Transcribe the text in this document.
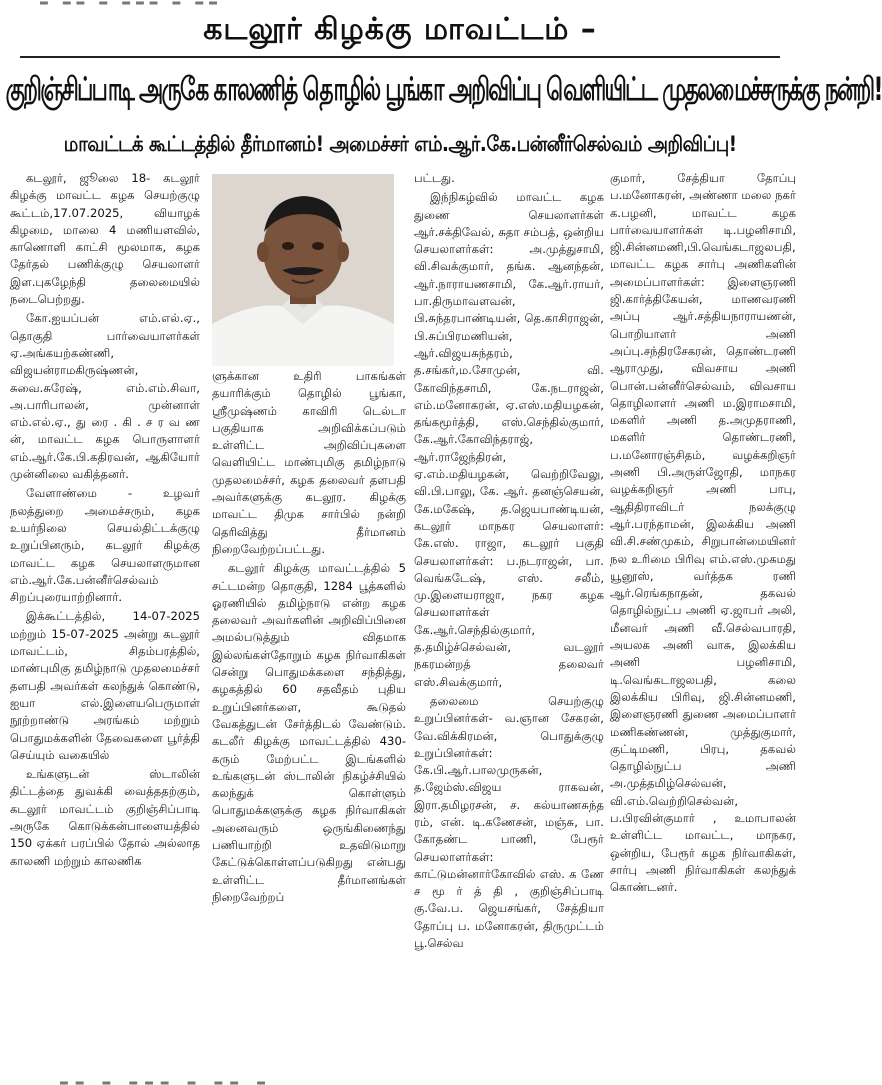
கடலூர் கிழக்கு மாவட்டம் –
குறிஞ்சிப்பாடி அருகே காலணித் தொழில் பூங்கா அறிவிப்பு வெளியிட்ட முதலமைச்சருக்கு நன்றி!
மாவட்டக் கூட்டத்தில் தீர்மானம்! அமைச்சர் எம்.ஆர்.கே.பன்னீர்செல்வம் அறிவிப்பு!

கடலூர், ஜூலை 18- கடலூர் கிழக்கு மாவட்ட கழக செயற்குழு கூட்டம்,17.07.2025, வியாழக் கிழமை, மாலை 4 மணியளவில், காணொளி காட்சி மூலமாக, கழக தேர்தல் பணிக்குழு செயலாளர் இள.புகழேந்தி தலைமையில் நடைபெற்றது.

கோ.ஐயப்பன் எம்.எல்.ஏ., தொகுதி பார்வையாளர்கள் ஏ.அங்கயற்கண்ணி, விஜயன்ராமகிருஷ்ணன், சுவை.சுரேஷ், எம்.எம்.சிவா, அ.பாரிபாலன், முன்னாள் எம்.எல்.ஏ., து ரை . கி . ச ர வ ண ன், மாவட்ட கழக பொருளாளர் எம்.ஆர்.கே.பி.கதிரவன், ஆகியோர் முன்னிலை வகித்தனர்.

வேளாண்மை - உழவர் நலத்துறை அமைச்சரும், கழக உயர்நிலை செயல்திட்டக்குழு உறுப்பினரும், கடலூர் கிழக்கு மாவட்ட கழக செயலாளருமான எம்.ஆர்.கே.பன்னீர்செல்வம் சிறப்புரையாற்றினார்.

இக்கூட்டத்தில், 14-07-2025 மற்றும் 15-07-2025 அன்று கடலூர் மாவட்டம், சிதம்பரத்தில், மாண்புமிகு தமிழ்நாடு முதலமைச்சர் தளபதி அவர்கள் கலந்துக் கொண்டு, ஐயா எல்.இளையபெருமாள் நூற்றாண்டு அரங்கம் மற்றும் பொதுமக்களின் தேவைகளை பூர்த்தி செய்யும் வகையில்

உங்களுடன் ஸ்டாலின் திட்டத்தை துவக்கி வைத்ததற்கும், கடலூர் மாவட்டம் குறிஞ்சிப்பாடி அருகே கொடுக்கன்பாளையத்தில் 150 ஏக்கர் பரப்பில் தோல் அல்லாத காலணி மற்றும் காலணிக

ளுக்கான உதிரி பாகங்கள் தயாரிக்கும் தொழில் பூங்கா, ஸ்ரீமுஷ்ணம் காவிரி டெல்டா பகுதியாக அறிவிக்கப்படும் உள்ளிட்ட அறிவிப்புகளை வெளியிட்ட மாண்புமிகு தமிழ்நாடு முதலமைச்சர், கழக தலைவர் தளபதி அவர்களுக்கு கடலூர. கிழக்கு மாவட்ட திமுக சார்பில் நன்றி தெரிவித்து தீர்மானம் நிறைவேற்றப்பட்டது.

கடலூர் கிழக்கு மாவட்டத்தில் 5 சட்டமன்ற தொகுதி, 1284 பூத்களில் ஓரணியில் தமிழ்நாடு என்ற கழக தலைவர் அவர்களின் அறிவிப்பினை அமல்படுத்தும் விதமாக இல்லங்கள்தோறும் கழக நிர்வாகிகள் சென்று பொதுமக்களை சந்தித்து, கழகத்தில் 60 சதவீதம் புதிய உறுப்பினர்களை, கூடுதல் வேகத்துடன் சேர்த்திடல் வேண்டும். கடலீர் கிழக்கு மாவட்டத்தில் 430-கரும் மேற்பட்ட இடங்களில் உங்களுடன் ஸ்டாலின் நிகழ்ச்சியில் கலந்துக் கொள்ளும் பொதுமக்களுக்கு கழக நிர்வாகிகள் அனைவரும் ஒருங்கிணைந்து பணியாற்றி உதவிடுமாறு கேட்டுக்கொள்ளப்படுகிறது என்பது உள்ளிட்ட தீர்மானங்கள் நிறைவேற்றப்

பட்டது.

இந்நிகழ்வில் மாவட்ட கழக துணை செயலாளர்கள் ஆர்.சக்திவேல், சுதா சம்பத், ஒன்றிய செயலாளர்கள்: அ.முத்துசாமி, வி.சிவக்குமார், தங்க. ஆனந்தன், ஆர்.நாராயணசாமி, கே.ஆர்.ராயர், பா.திருமாவளவன், பி.சுந்தரபாண்டியன், தெ.காசிராஜன், பி.சுப்பிரமணியன், ஆர்.விஜயசுந்தரம், த.சங்கர்,ம.சோமுன், வி. கோவிந்தசாமி, கே.நடராஜன், எம்.மனோகரன், ஏ.எஸ்.மதியழகன், தங்கமூர்த்தி, எஸ்.செந்தில்குமார், கே.ஆர்.கோவிந்தராஜ், ஆர்.ராஜேந்திரன், ஏ.எம்.மதியழகன், வெற்றிவேலு, வி.பி.பாலு, கே. ஆர். தனஞ்செயன், கே.மகேஷ், த.ஜெயபாண்டியன், கடலூர் மாநகர செயலாளர்: கே.எஸ். ராஜா, கடலூர் பகுதி செயலாளர்கள்: ப.நடராஜன், பா. வெங்கடேஷ், எஸ். சலீம், மு.இளையராஜா, நகர கழக செயலாளர்கள் கே.ஆர்.செந்தில்குமார், த.தமிழ்ச்செல்வன், வடலூர் நகரமன்றத் தலைவர் எஸ்.சிவக்குமார்,

தலைமை செயற்குழு உறுப்பினர்கள்- வ.ஞான சேகரன், வே.விக்கிரமன், பொதுக்குழு உறுப்பினர்கள்: கே.பி.ஆர்.பாலமுருகன், த.ஜேம்ஸ்.விஜய ராகவன், இரா.தமிழரசன், ச. கல்யாணசுந்த ரம், என். டி.கணேசன், மஞ்சு, பா. கோதண்ட பாணி, பேரூர் செயலாளர்கள்: காட்டுமன்னார்கோவில் எஸ். க ணே ச மூ ர் த் தி , குறிஞ்சிப்பாடி கு.வே.ப. ஜெயசங்கர், சேத்தியா தோப்பு ப. மனோகரன், திருமுட்டம் பூ.செல்வ

குமார், சேத்தியா தோப்பு ப.மனோகரன், அண்ணா மலை நகர் க.பழனி, மாவட்ட கழக பார்வையாளர்கள் டி.பழனிசாமி, ஜி.சின்னமணி,பி.வெங்கடாஜலபதி, மாவட்ட கழக சார்பு அணிகளின் அமைப்பாளர்கள்: இளைஞரணி ஜி.கார்த்திகேயன், மாணவரணி அப்பு ஆர்.சத்தியநாராயணன், பொறியாளர் அணி அப்பு.சந்திரசேகரன், தொண்டரணி ஆராமுது, விவசாய அணி பொன்.பன்னீர்செல்வம், விவசாய தொழிலாளர் அணி ம.இராமசாமி, மகளிர் அணி த.அமுதராணி, மகளிர் தொண்டரணி, ப.மனோரஞ்சிதம், வழக்கறிஞர் அணி பி.அருள்ஜோதி, மாநகர வழக்கறிஞர் அணி பாபு, ஆதிதிராவிடர் நலக்குழு ஆர்.பரந்தாமன், இலக்கிய அணி வி.சி.சண்முகம், சிறுபான்மையினர் நல உரிமை பிரிவு எம்.எஸ்.முகமது யூனூஸ், வர்த்தக ரணி ஆர்.ரெங்கநாதன், தகவல் தொழில்நுட்ப அணி ஏ.ஜாபர் அலி, மீனவர் அணி வீ.செல்வபாரதி, அயலக அணி வாசு, இலக்கிய அணி பழனிசாமி, டி.வெங்கடாஜலபதி, கலை இலக்கிய பிரிவு, ஜி.சின்னமணி, இளைஞரணி துணை அமைப்பாளர் மணிகண்ணன், முத்துகுமார், குட்டிமணி, பிரபு, தகவல் தொழில்நுட்ப அணி அ.முத்தமிழ்செல்வன், வி.எம்.வெற்றிசெல்வன், ப.பிரவின்குமார் , உமாபாலன் உள்ளிட்ட மாவட்ட, மாநகர, ஒன்றிய, பேரூர் கழக நிர்வாகிகள், சார்பு அணி நிர்வாகிகள் கலந்துக் கொண்டனர்.

▂▂ ▂ ▂▂▂ ▂ ▂▂ ▂
